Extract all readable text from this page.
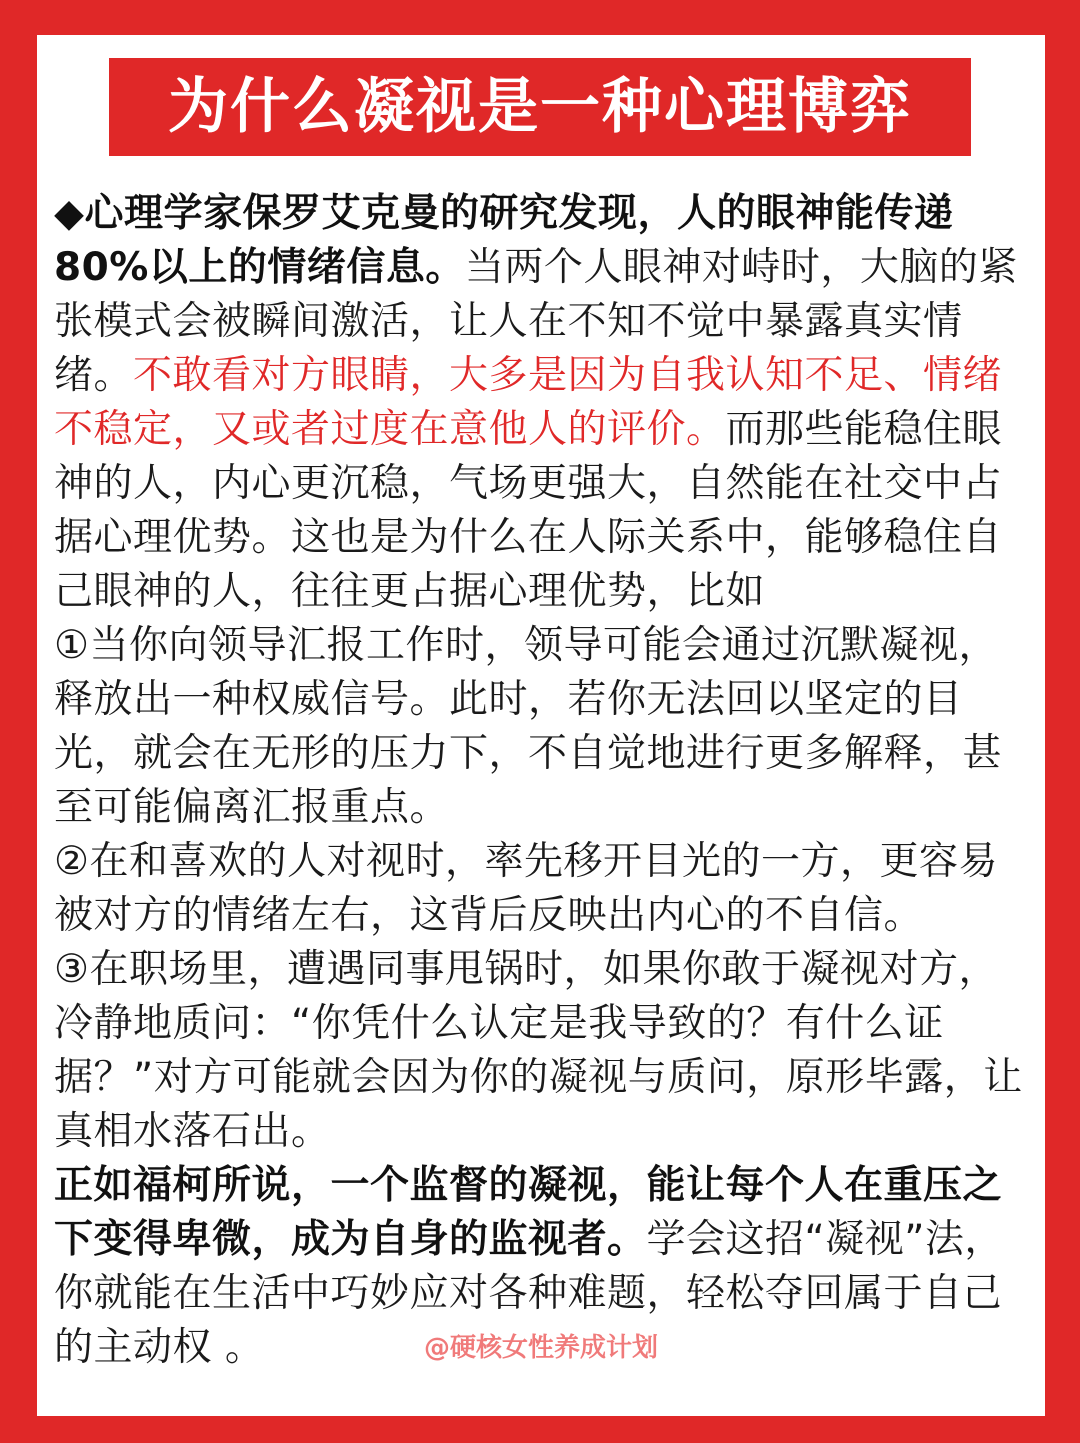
为什么凝视是一种心理博弈

◆心理学家保罗艾克曼的研究发现，人的眼神能传递80%以上的情绪信息。当两个人眼神对峙时，大脑的紧张模式会被瞬间激活，让人在不知不觉中暴露真实情绪。不敢看对方眼睛，大多是因为自我认知不足、情绪不稳定，又或者过度在意他人的评价。而那些能稳住眼神的人，内心更沉稳，气场更强大，自然能在社交中占据心理优势。这也是为什么在人际关系中，能够稳住自己眼神的人，往往更占据心理优势，比如

①当你向领导汇报工作时，领导可能会通过沉默凝视，释放出一种权威信号。此时，若你无法回以坚定的目光，就会在无形的压力下，不自觉地进行更多解释，甚至可能偏离汇报重点。

②在和喜欢的人对视时，率先移开目光的一方，更容易被对方的情绪左右，这背后反映出内心的不自信。

③在职场里，遭遇同事甩锅时，如果你敢于凝视对方，冷静地质问：“你凭什么认定是我导致的？有什么证据？”对方可能就会因为你的凝视与质问，原形毕露，让真相水落石出。

正如福柯所说，一个监督的凝视，能让每个人在重压之下变得卑微，成为自身的监视者。学会这招“凝视”法，你就能在生活中巧妙应对各种难题，轻松夺回属于自己的主动权 。	@硬核女性养成计划
